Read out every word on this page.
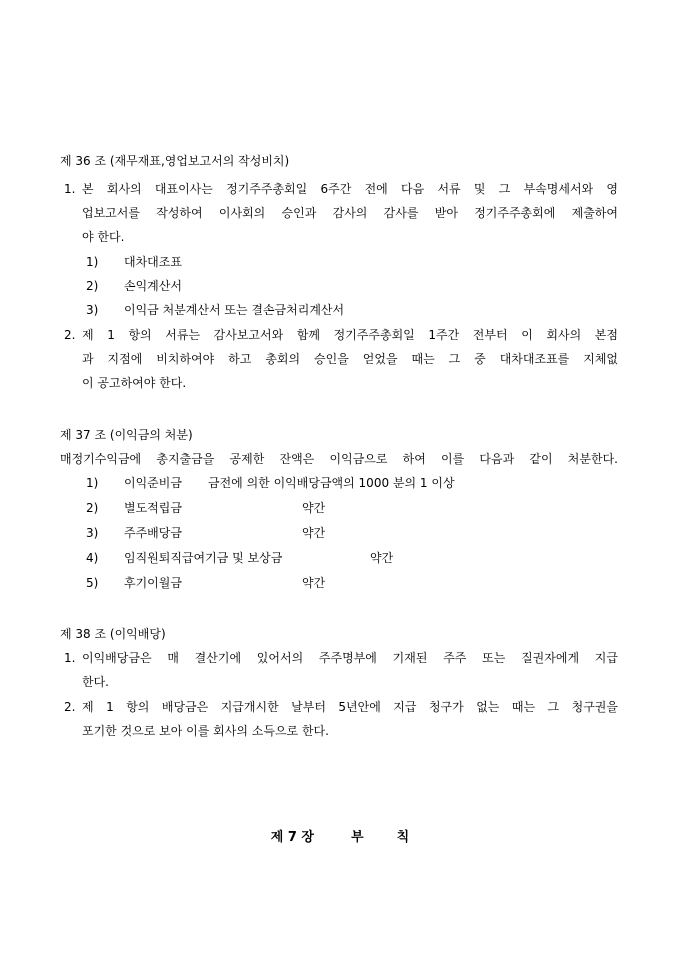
제 36 조 (재무재표,영업보고서의 작성비치)
1. 본 회사의 대표이사는 정기주주총회일 6주간 전에 다음 서류 및 그 부속명세서와 영
업보고서를 작성하여 이사회의 승인과 감사의 감사를 받아 정기주주총회에 제출하여
야 한다.
1) 대차대조표
2) 손익계산서
3) 이익금 처분계산서 또는 결손금처리계산서
2. 제 1 항의 서류는 감사보고서와 함께 정기주주총회일 1주간 전부터 이 회사의 본점
과 지점에 비치하여야 하고 총회의 승인을 얻었을 때는 그 중 대차대조표를 지체없
이 공고하여야 한다.
제 37 조 (이익금의 처분)
매정기수익금에 총지출금을 공제한 잔액은 이익금으로 하여 이를 다음과 같이 처분한다.
1) 이익준비금 금전에 의한 이익배당금액의 1000 분의 1 이상
2) 별도적립금	약간
3) 주주배당금	약간
4) 임직원퇴직급여기금 및 보상금	약간
5) 후기이월금	약간
제 38 조 (이익배당)
1. 이익배당금은 매 결산기에 있어서의 주주명부에 기재된 주주 또는 질권자에게 지급
한다.
2. 제 1 항의 배당금은 지급개시한 날부터 5년안에 지급 청구가 없는 때는 그 청구권을
포기한 것으로 보아 이를 회사의 소득으로 한다.
제 7 장	부	칙
